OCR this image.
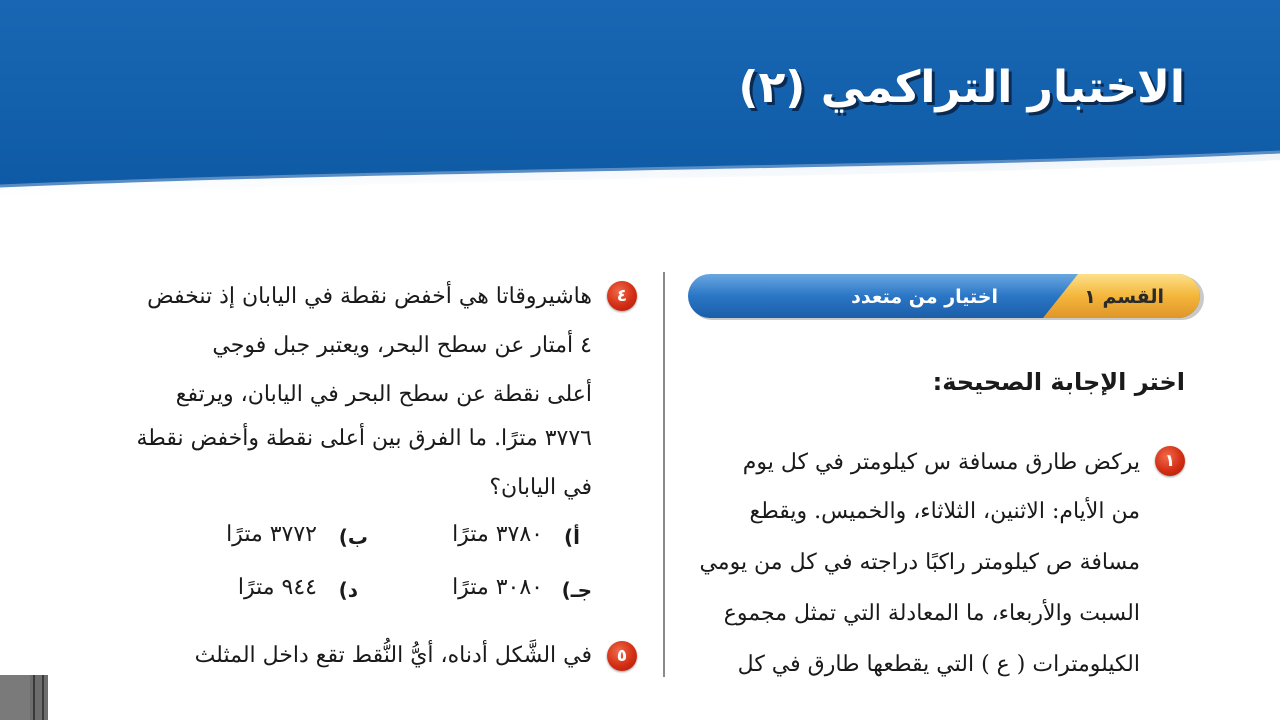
الاختبار التراكمي (٢)
القسم ١
اختيار من متعدد
اختر الإجابة الصحيحة:
١
يركض طارق مسافة س كيلومتر في كل يوم
من الأيام: الاثنين، الثلاثاء، والخميس. ويقطع
مسافة ص كيلومتر راكبًا دراجته في كل من يومي
السبت والأربعاء، ما المعادلة التي تمثل مجموع
الكيلومترات ( ع ) التي يقطعها طارق في كل
٤
هاشيروقاتا هي أخفض نقطة في اليابان إذ تنخفض
٤ أمتار عن سطح البحر، ويعتبر جبل فوجي
أعلى نقطة عن سطح البحر في اليابان، ويرتفع
٣٧٧٦ مترًا. ما الفرق بين أعلى نقطة وأخفض نقطة
في اليابان؟
أ)
٣٧٨٠ مترًا
ب)
٣٧٧٢ مترًا
جـ)
٣٠٨٠ مترًا
د)
٩٤٤ مترًا
٥
في الشَّكل أدناه، أيُّ النُّقط تقع داخل المثلث
